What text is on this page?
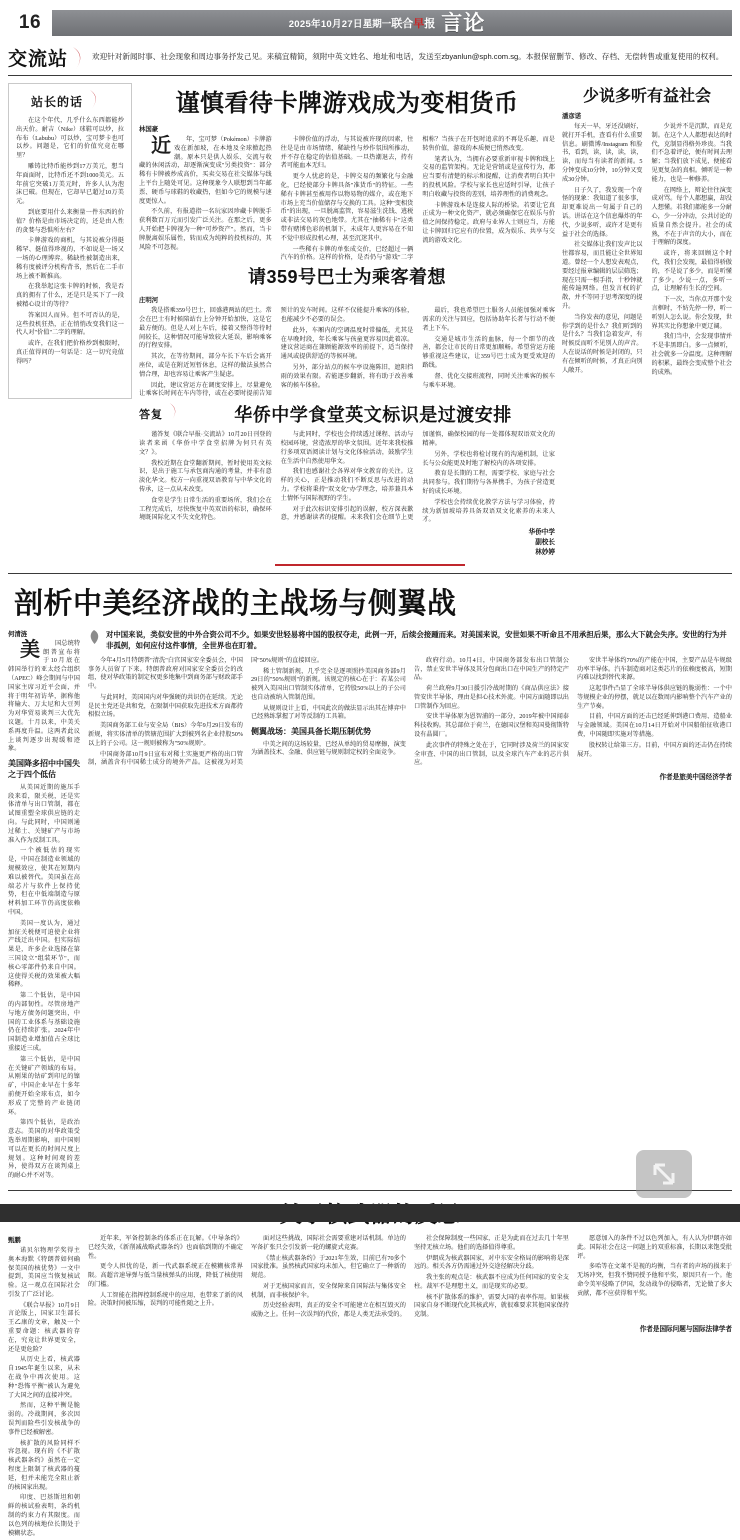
16	2025年10月27日 星期一 联合早报 言论
交流站	欢迎针对新闻时事、社会现象和周边事务抒发己见。来稿宜精简，须附中英文姓名、地址和电话，发送至zbyanlun@sph.com.sg。本报保留删节、修改、存档、无偿转售或重复使用的权利。
站长的话

在这个年代，几乎什么东西都能炒出天价。耐吉（Nike）球鞋可以炒，拉布布（Labubu）可以炒，宝可梦卡也可以炒。问题是，它们的价值究竟在哪里？

雕铸比特币能炒到17万美元，想当年面面时，比特币还不到1000美元。五年前它突破1万美元时，许多人认为泡沫已破。但现在，它却早已超过10万美元。

到底要用什么来衡量一件东西的价值？价格是由市场决定的，还是由人性的贪婪与恐惧所左右？

卡牌游戏的商机，与其说被分得挺稀罕、挺值得珍视的，不如说是一场又一场的心理博弈。稀缺性被制造出来，稀有度被评分机构背书，然后在二手市场上被不断推高。

在我举起这张卡牌的时候，我是否真的拥有了什么，还是只是买下了一段被精心设计的等待？

答案因人而异。但不可否认的是，这些投机狂热，正在悄悄改变我们这一代人对"价值"二字的理解。

或许，在我们把价格炒到极限时，真正值得问的一句话是：这一切究竟值得吗？

谨慎看待卡牌游戏成为变相货币
林国豪

近 年，宝可梦（Pokémon）卡牌游戏在新加坡，在本地及全球掀起热潮。原本只是供人娱乐、交流与收藏的休闲活动，却逐渐演变成"另类投资"：部分稀有卡牌被炒成高价，买卖交易在社交媒体与线上平台上随处可见。这种现象令人联想到当年邮票、硬币与球鞋的收藏热，但如今它的规模与速度更惊人。

不久前，有报道指一名玩家因珍藏卡牌脱手获利数百万元而引发广泛关注。在那之后，更多人开始把卡牌视为一种"可炒资产"。然而，当卡牌脱离娱乐属性，转而成为纯粹的投机标的，其风险不可忽视。

卡牌价值的浮动，与其说被许现的因素，往往是是由市场情绪、稀缺性与炒作氛围所推动，并不存在稳定的估值基础。一旦热潮退去，持有者可能血本无归。

更令人忧虑的是，卡牌交易的频繁化与金融化，已经使部分卡牌具备"准货币"的特征。一些稀有卡牌甚至被用作以物易物的媒介，或在地下市场上充当价值储存与交换的工具。这种"变相货币"的出现，一旦脱离监管，容易滋生洗钱、逃税或非法交易的灰色地带。尤其在"抽稀有卡"这类带有赌博色彩的机制下，未成年人更容易在不知不觉中形成投机心理，甚至沉迷其中。

一些稀有卡牌的单张成交价，已经超过一辆汽车的价格。这样的价格，是否仍与"游戏"二字相称？当孩子在开包时追求的不再是乐趣，而是转售价值，游戏的本质便已悄然改变。

笔者认为，当拥有必要重新审视卡牌和线上交易的监管架构。无论是营销或是宣传行为，都应当要有清楚的标示和提醒，让消费者明白其中的投机风险。学校与家长也应适时引导，让孩子明白收藏与投资的差别，培养理性的消费观念。

卡牌游戏本是连接人际的桥梁。若要让它真正成为一种文化资产，就必须确保它在娱乐与价值之间保持稳定。政府与业界人士则应当，方能让卡牌回归它应有的位置，成为娱乐、共享与交流的游戏文化。

请359号巴士为乘客着想
庄明河

我是搭乘359号巴士，回盛港两站的巴士。常会在巴士有时候陪站台上分钟开始加快，这是它最方便的。但是人对上车后，接着又整得等待时间较长，这种情况可能导致较大延误，影响乘客的行程安排。

其次，在等待期间，部分车长下车后会离开座位，或是在附近短暂休息，这样的做法虽然合情合理，却也容易让乘客产生疑虑。

因此，建议营运方在调度安排上，尽量避免让乘客长时间在车内等待，或在必要时提前告知预计的发车时间。这样不仅能提升乘客的体验，也能减少不必要的误会。

此外，车厢内的空调温度时常偏低，尤其是在早晚时段，年长乘客与孩童更容易因此着凉。建议营运商在兼顾能源效率的前提下，适当保持通风或提供舒适的等候环境。

另外，部分站点的候车亭设施陈旧，遮阳挡雨的效果有限。若能逐步翻新，将有助于改善乘客的候车体验。

最后，我也希望巴士服务人员能加强对乘客需求的关注与回应，包括协助年长者与行动不便者上下车。

交通是城市生活的血脉，每一个细节的改善，都会让市民的日常更加顺畅。希望营运方能够重视这些建议，让359号巴士成为更受欢迎的路线。

督、优化交接班流程，同时关注乘客的候车与乘车环境。

少说多听有益社会
潘彦诺

每天一早，牙还没刷好，就打开手机，查看有什么重要信息。刷微博/Instagram 和脸书，看到，读，读，读，读，读，而每当有读者的新闻。5分钟变成10分钟，10分钟又变成30分钟。

日子久了，我发现一个奇怪的现象：我知道了很多事，却更难说出一句属于自己的话。讲话在这个信息爆炸的年代，少说多听，或许才是更有益于社会的选择。

社交媒体让我们发声比以往都容易，而且能让全世界知道。曾经一个人想发表观点，要经过报章编辑的层层筛选；现在只需一根手指，十秒钟就能传遍网络。但发言权的扩散，并不等同于思考深度的提升。

当你发表的意见，问题是你学到的是什么？我们听到的是什么？当我们急着发声，有时候反而听不见别人的声音。人在说话的时候是封闭的，只有在倾听的时候，才真正向别人敞开。

少说并不是沉默，而是克制。在这个人人都想表达的时代，克制显得格外珍贵。当我们不急着评论，便有时间去理解；当我们放下成见，便能看见更复杂的真相。倾听是一种能力，也是一种修养。

在网络上，辩论往往演变成对骂。每个人都想赢，却没人想懂。若我们都能多一分耐心，少一分冲动，公共讨论的质量自然会提升。社会的成熟，不在于声音的大小，而在于理解的深度。

或许，将来回顾这个时代，我们会发现，最值得骄傲的，不是说了多少，而是听懂了多少。少说一点，多听一点，让理解有生长的空间。

下一次，当你点开那个发言框时，不妨先停一停，听一听别人怎么说。你会发现，世界其实比你想象中更辽阔。

我们当中，会发现事情并不是非黑即白。多一点倾听，社会就多一分温度。这种理解的积累，最终会变成整个社会的成熟。

答复	华侨中学食堂英文标识是过渡安排

谨答复《联合早报·交流站》10月20日刊登的读者来函《华侨中学食堂招牌为何只有英文？》。

我校近期在食堂翻新期间，暂时使用英文标识，是出于施工与承包商沟通的考量，并非有意淡化华文。校方一向重视双语教育与中华文化的传承，这一点从未改变。

食堂是学生日常生活的重要场所，我们会在工程完成后，尽快恢复中英双语的标识，确保环境既国际化又不失文化特色。

与此同时，学校也会持续透过课程、活动与校园环境，营造浓厚的华文氛围。近年来我校推行多项双语阅读计划与文化体验活动，鼓励学生在生活中自然使用华文。

我们也感谢社会各界对华文教育的关注。这样的关心，正是推动我们不断反思与改进的动力。学校将秉持"双文化"办学理念，培养兼具本土情怀与国际视野的学生。

对于此次标识安排引起的误解，校方深表歉意，并感谢读者的提醒。未来我们会在细节上更加谨慎，确保校园的每一处都体现双语双文化的精神。

另外，学校也将检讨现有的沟通机制，让家长与公众能更及时地了解校内的各项安排。

教育是长期的工程，需要学校、家庭与社会共同参与。我们期待与各界携手，为孩子营造更好的成长环境。

学校也会持续优化教学方法与学习体验，持续为新加坡培养具备双语双文化素养的未来人才。

华侨中学
副校长
林妙婷
剖析中美经济战的主战场与侧翼战
何清涟

美 国总统特朗普宣布将于10月底在韩国举行的亚太经合组织（APEC）峰会期间与中国国家主席习近平会面，并将于明年初访华，据称他将输大、万太尼和大豆列为对华贸易谈判三大优先议题。十月以来，中美关系再度升温。这两者此议上谈判逐步出现缓和迹象。

美国降多招中中国失之于四个低估

从美国近期的施压手段来看，限关税，还是实体清单与出口管制，都在试图重塑全球供应链的走向。与此同时，中国则通过稀土、关键矿产与市场准入作为反制工具。

一个被低估的现实是，中国在制造业领域的规模效应，使其在短期内难以被替代。美国虽在高端芯片与软件上保持优势，但在中低端制造与原材料加工环节仍高度依赖中国。

美国一度认为，通过加征关税便可迫使企业将产线迁出中国。但实际结果是，许多企业选择在第三国设立"组装环节"，而核心零部件仍来自中国。这使得关税的效果被大幅稀释。

第二个低估，是中国的内部韧性。尽管房地产与地方债务问题突出，中国的工业体系与基础设施仍在持续扩张。2024年中国制造业增加值占全球比重接近三成。

第三个低估，是中国在关键矿产领域的布局。从刚果的钴矿到印尼的镍矿，中国企业早在十多年前便开始全球布点，如今形成了完整的产业链闭环。

第四个低估，是政治意志。美国的对华政策受选举周期影响，而中国则可以在更长的时间尺度上规划。这种时间观的差异，使得双方在谈判桌上的耐心并不对等。

对中国来说，类似安世的中外合资公司不少。如果安世轻易将中国的股权夺走，此例一开，后续会接踵而来。对美国来说，安世如果不听命且不用承担后果，那么大下就会失序。安世的行为并非孤例，如何应付这件事情，全世界也在盯着。

今年4月5月特朗普"清洗"白宫国家安全委员会，中国事务人员留了下来。特朗普政府对国家安全委员会的改组，使对华政策的制定权更多地集中到商务部与财政部手中。

与此同时，美国国内对华强硬的共识仍在延续。无论是民主党还是共和党，在限制中国获取先进技术方面都持相似立场。

美国商务部工业与安全局（BIS）今年9月29日发布的新规，将实体清单的管辖范围扩大到被列名企业持股50%以上的子公司。这一规则被称为"50%规则"。

中国商务部10月9日宣布对稀土实施更严格的出口管制，涵盖含有中国稀土成分的境外产品。这被视为对美国"50%规则"的直接回应。

稀土管制新规，几乎完全是逐项照抄美国商务部9月29日的"50%规则"的新规。该规定的核心在于：若某公司被列入美国出口管制实体清单，它持股50%以上的子公司也自动被纳入管制范围。

从规则设计上看，中国此次的做法显示出其在博弈中已经熟练掌握了对等反制的工具箱。

侧翼战场：美国具备长期压制优势

中美之间的这场较量，已经从单纯的贸易摩擦，演变为涵盖技术、金融、供应链与规则制定权的全面竞争。

政府行动。10月4日，中国商务部发布出口管制公告，禁止安世半导体及其分包商出口在中国生产的特定产品。

荷兰政府9月30日援引冷战时期的《商品供应法》接管安世半导体，理由是担心技术外流。中国方面随即以出口管制作为回应。

安世半导体原为恩智浦的一部分，2019年被中国闻泰科技收购。其总部位于荷兰，在德国汉堡和英国曼彻斯特设有晶圆厂。

此次事件的特殊之处在于，它同时涉及荷兰的国家安全审查、中国的出口管制，以及全球汽车产业的芯片供应。

安世半导体约70%的产能在中国，主要产品是车规级功率半导体。汽车制造商对这类芯片的依赖度极高，短期内难以找到替代来源。

这起事件凸显了全球半导体供应链的脆弱性：一个中等规模企业的停摆，就足以在数周内影响整个汽车产业的生产节奏。

目前，中国方面的还击已经延伸到港口费用、造船业与金融领域。美国在10月14日开始对中国船舶征收港口费，中国随即实施对等措施。

股权转让给第三方。目前，中国方面的还击仍在持续展开。

作者是旅美中国经济学者
甄鹏

诺贝尔物理学奖得主奥本海默《特朗普如何确保美国的核优势》一文中提到，美国应当恢复核试验。这一观点在国际社会引发了广泛讨论。

《联合早报》10月9日言论版上，国家卫生部长王乙康的文章，触及一个重要命题：核武器的存在，究竟让世界更安全，还是更危险？

从历史上看，核武器自1945年诞生以来，从未在战争中再次使用。这种"恐怖平衡"被认为避免了大国之间的直接冲突。

然而，这种平衡是脆弱的。冷战期间，多次因误判而险些引发核战争的事件已经被解密。

核扩散的风险同样不容忽视。现有的《不扩散核武器条约》虽然在一定程度上限制了核武器的蔓延，但并未能完全阻止新的核国家出现。

印度、巴基斯坦和朝鲜的核试验表明，条约机制的约束力有其限度。而以色列的核地位长期处于模糊状态。

近年来，军备控制条约体系正在瓦解。《中导条约》已经失效，《新削减战略武器条约》也面临到期的不确定性。

更令人担忧的是，新一代武器系统正在模糊核常界限。高超音速导弹与低当量核弹头的出现，降低了核使用的门槛。

人工智能在指挥控制系统中的应用，也带来了新的风险。决策时间被压缩，误判的可能性随之上升。

面对这些挑战，国际社会需要重建对话机制。单边的军备扩张只会引发新一轮的螺旋式竞赛。

《禁止核武器条约》于2021年生效，目前已有70多个国家批准。虽然核武国家均未加入，但它确立了一种新的规范。

对于无核国家而言，安全保障来自国际法与集体安全机制，而非核保护伞。

历史经验表明，真正的安全不可能建立在相互毁灭的威胁之上。任何一次误判的代价，都是人类无法承受的。

社会保障制度一些国家，正是为此而在过去几十年里坚持无核立场。他们的选择值得尊重。

伊朗成为核武器国家，对中东安全格局的影响将是深远的。相关各方仍需通过外交途径解决分歧。

我主张的观点是：核武器不应成为任何国家的安全支柱。裁军不是理想主义，而是现实的必要。

核不扩散体系的维护，需要大国的表率作用。如果核国家自身不断现代化其核武库，就很难要求其他国家保持克制。

愿意加入的条件不过以色列加入，有人认为伊朗亦如此。国际社会在这一问题上的双重标准，长期以来饱受批评。

多哈等在文莱不是视的均衡，当有者的声场的损来于无场冲突，但我不赞同授予他和平奖，原因只有一个。他命令美军侵略了伊国，发动战争的侵略者，无论做了多大贡献，都不应获得和平奖。

作者是国际问题与国际法律学者
